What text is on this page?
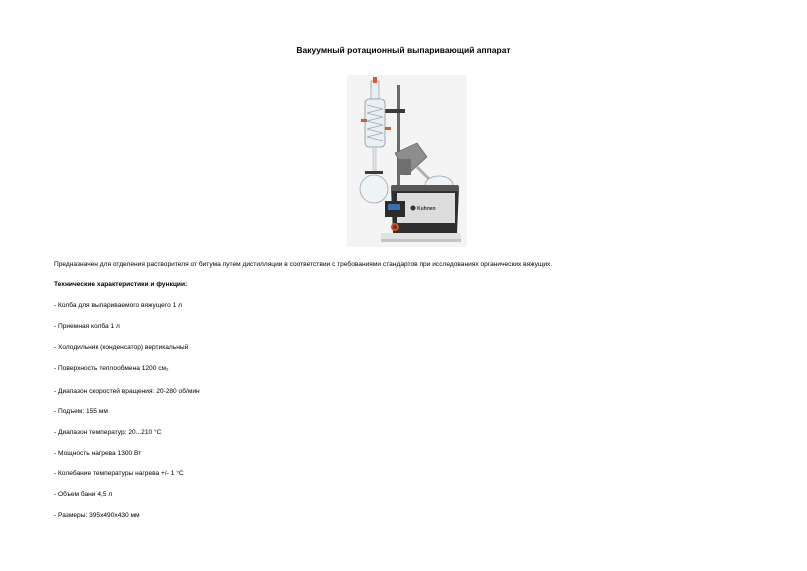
Вакуумный ротационный выпаривающий аппарат
Kuhnen
Предназначен для отделения растворителя от битума путем дистилляции в соответствии с требованиями стандартов при исследованиях органических вяжущих.
Технические характеристики и функции:
- Колба для выпариваемого вяжущего 1 л
- Приемная колба 1 л
- Холодильник (конденсатор) вертикальный
- Поверхность теплообмена 1200 см₂
- Диапазон скоростей вращения: 20-280 об/мин
- Подъем: 155 мм
- Диапазон температур: 20...210 °C
- Мощность нагрева 1300 Вт
- Колебание температуры нагрева +/- 1 °C
- Объем бани 4,5 л
- Размеры: 395x490x430 мм
